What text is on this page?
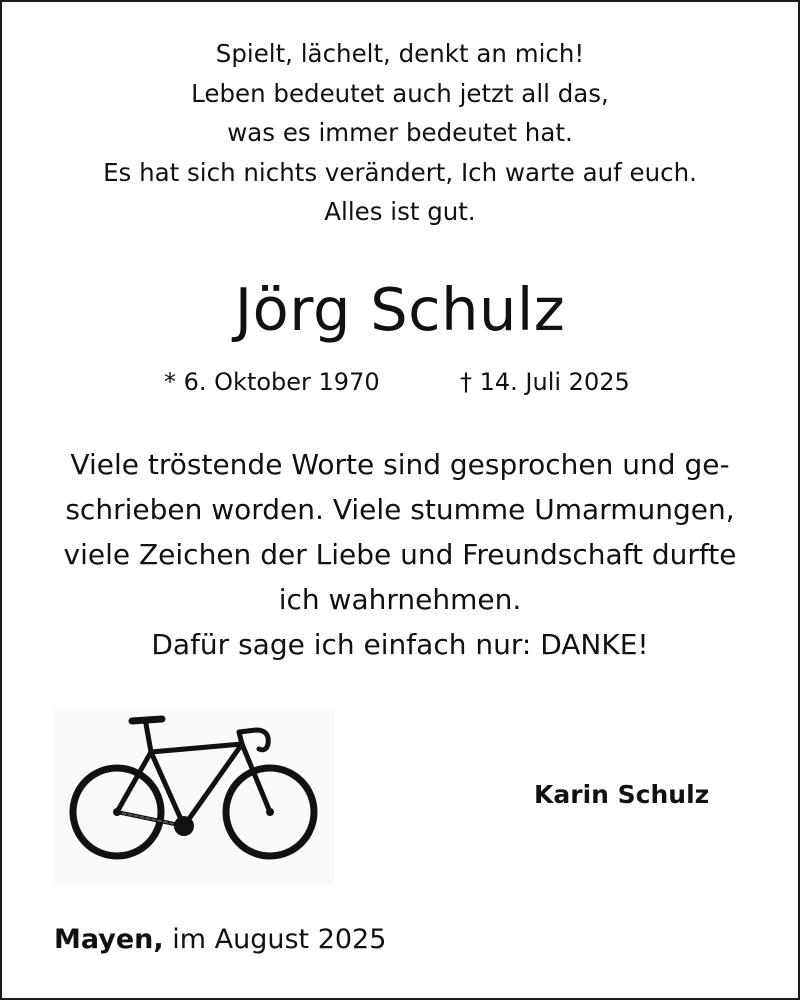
Spielt, lächelt, denkt an mich!
Leben bedeutet auch jetzt all das,
was es immer bedeutet hat.
Es hat sich nichts verändert, Ich warte auf euch.
Alles ist gut.
Jörg Schulz
* 6. Oktober 1970	† 14. Juli 2025
Viele tröstende Worte sind gesprochen und ge-
schrieben worden. Viele stumme Umarmungen,
viele Zeichen der Liebe und Freundschaft durfte
ich wahrnehmen.
Dafür sage ich einfach nur: DANKE!
Karin Schulz
Mayen, im August 2025
